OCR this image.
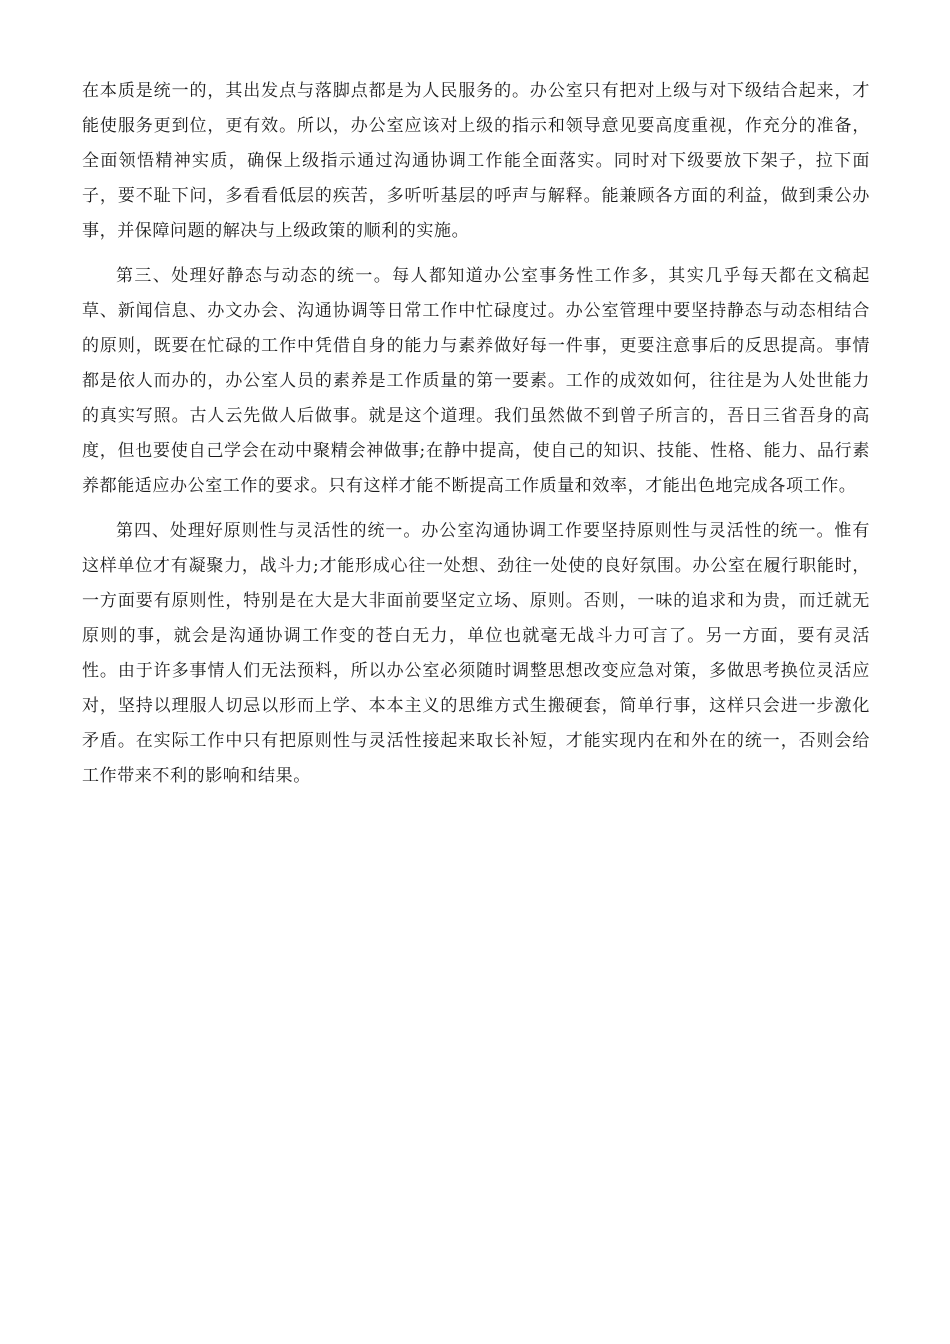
在本质是统一的，其出发点与落脚点都是为人民服务的。办公室只有把对上级与对下级结合起来，才能使服务更到位，更有效。所以，办公室应该对上级的指示和领导意见要高度重视，作充分的准备，全面领悟精神实质，确保上级指示通过沟通协调工作能全面落实。同时对下级要放下架子，拉下面子，要不耻下问，多看看低层的疾苦，多听听基层的呼声与解释。能兼顾各方面的利益，做到秉公办事，并保障问题的解决与上级政策的顺利的实施。

第三、处理好静态与动态的统一。每人都知道办公室事务性工作多，其实几乎每天都在文稿起草、新闻信息、办文办会、沟通协调等日常工作中忙碌度过。办公室管理中要坚持静态与动态相结合的原则，既要在忙碌的工作中凭借自身的能力与素养做好每一件事，更要注意事后的反思提高。事情都是依人而办的，办公室人员的素养是工作质量的第一要素。工作的成效如何，往往是为人处世能力的真实写照。古人云先做人后做事。就是这个道理。我们虽然做不到曾子所言的，吾日三省吾身的高度，但也要使自己学会在动中聚精会神做事;在静中提高，使自己的知识、技能、性格、能力、品行素养都能适应办公室工作的要求。只有这样才能不断提高工作质量和效率，才能出色地完成各项工作。

第四、处理好原则性与灵活性的统一。办公室沟通协调工作要坚持原则性与灵活性的统一。惟有这样单位才有凝聚力，战斗力;才能形成心往一处想、劲往一处使的良好氛围。办公室在履行职能时，一方面要有原则性，特别是在大是大非面前要坚定立场、原则。否则，一味的追求和为贵，而迁就无原则的事，就会是沟通协调工作变的苍白无力，单位也就毫无战斗力可言了。另一方面，要有灵活性。由于许多事情人们无法预料，所以办公室必须随时调整思想改变应急对策，多做思考换位灵活应对，坚持以理服人切忌以形而上学、本本主义的思维方式生搬硬套，简单行事，这样只会进一步激化矛盾。在实际工作中只有把原则性与灵活性接起来取长补短，才能实现内在和外在的统一，否则会给工作带来不利的影响和结果。
